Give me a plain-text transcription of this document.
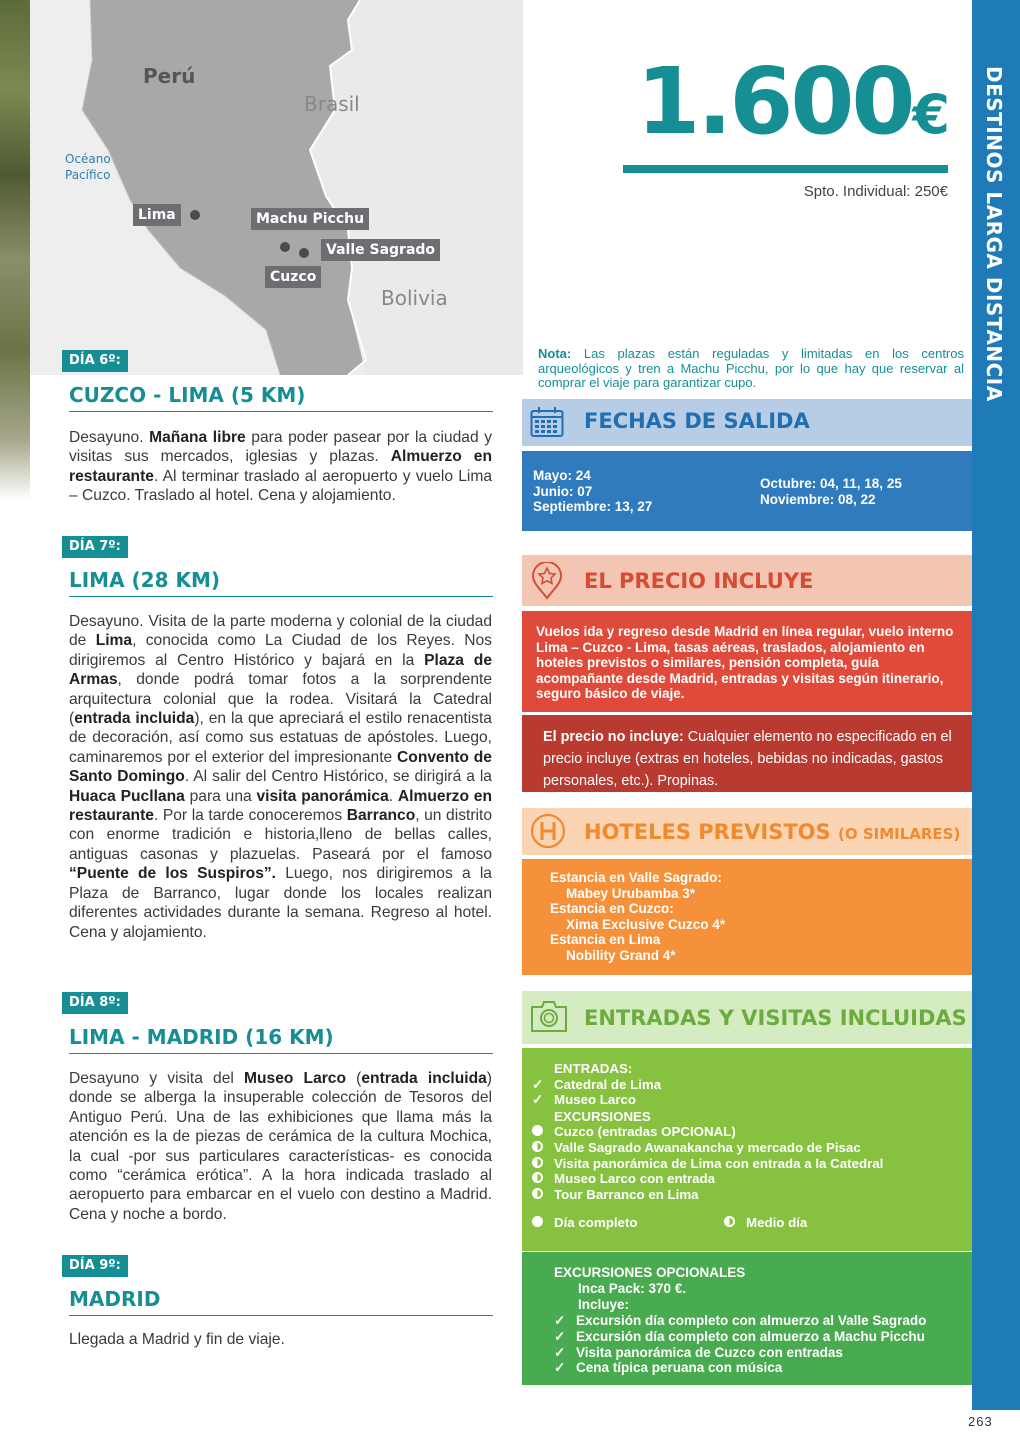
Perú
Brasil
Bolivia
Océano Pacífico
Lima	Machu Picchu
Valle Sagrado
Cuzco
1.600€
Spto. Individual: 250€ DESTINOS LARGA DISTANCIA
263
DÍA 6º:
CUZCO - LIMA (5 KM)
Desayuno. Mañana libre para poder pasear por la ciudad y visitas sus mercados, iglesias y plazas. Almuerzo en restaurante. Al terminar traslado al aeropuerto y vuelo Lima – Cuzco. Traslado al hotel. Cena y alojamiento.
DÍA 7º:
LIMA (28 KM)
Desayuno. Visita de la parte moderna y colonial de la ciudad de Lima, conocida como La Ciudad de los Reyes. Nos dirigiremos al Centro Histórico y bajará en la Plaza de Armas, donde podrá tomar fotos a la sorprendente arquitectura colonial que la rodea. Visitará la Catedral (entrada incluida), en la que apreciará el estilo renacentista de decoración, así como sus estatuas de apóstoles. Luego, caminaremos por el exterior del impresionante Convento de Santo Domingo. Al salir del Centro Histórico, se dirigirá a la Huaca Pucllana para una visita panorámica. Almuerzo en restaurante. Por la tarde conoceremos Barranco, un distrito con enorme tradición e historia,lleno de bellas calles, antiguas casonas y plazuelas. Paseará por el famoso “Puente de los Suspiros”. Luego, nos dirigiremos a la Plaza de Barranco, lugar donde los locales realizan diferentes actividades durante la semana. Regreso al hotel. Cena y alojamiento.
DÍA 8º:
LIMA - MADRID (16 KM)
Desayuno y visita del Museo Larco (entrada incluida) donde se alberga la insuperable colección de Tesoros del Antiguo Perú. Una de las exhibiciones que llama más la atención es la de piezas de cerámica de la cultura Mochica, la cual -por sus particulares características- es conocida como “cerámica erótica”. A la hora indicada traslado al aeropuerto para embarcar en el vuelo con destino a Madrid. Cena y noche a bordo.
DÍA 9º:
MADRID
Llegada a Madrid y fin de viaje.
Nota: Las plazas están reguladas y limitadas en los centros arqueológicos y tren a Machu Picchu, por lo que hay que reservar al comprar el viaje para garantizar cupo.
FECHAS DE SALIDA
Mayo: 24
Junio: 07
Septiembre: 13, 27
Octubre: 04, 11, 18, 25
Noviembre: 08, 22
EL PRECIO INCLUYE
Vuelos ida y regreso desde Madrid en línea regular, vuelo interno Lima – Cuzco - Lima, tasas aéreas, traslados, alojamiento en hoteles previstos o similares, pensión completa, guía acompañante desde Madrid, entradas y visitas según itinerario, seguro básico de viaje.
El precio no incluye: Cualquier elemento no especificado en el precio incluye (extras en hoteles, bebidas no indicadas, gastos personales, etc.). Propinas.
HOTELES PREVISTOS (O SIMILARES)
Estancia en Valle Sagrado:
Mabey Urubamba 3*
Estancia en Cuzco:
Xima Exclusive Cuzco 4*
Estancia en Lima
Nobility Grand 4*
ENTRADAS Y VISITAS INCLUIDAS
ENTRADAS:
✓ Catedral de Lima
✓ Museo Larco
EXCURSIONES
Cuzco (entradas OPCIONAL)
Valle Sagrado Awanakancha y mercado de Pisac
Visita panorámica de Lima con entrada a la Catedral
Museo Larco con entrada
Tour Barranco en Lima
Día completo	Medio día
EXCURSIONES OPCIONALES
Inca Pack: 370 €.
Incluye:
✓ Excursión día completo con almuerzo al Valle Sagrado
✓ Excursión día completo con almuerzo a Machu Picchu
✓ Visita panorámica de Cuzco con entradas
✓ Cena típica peruana con música
